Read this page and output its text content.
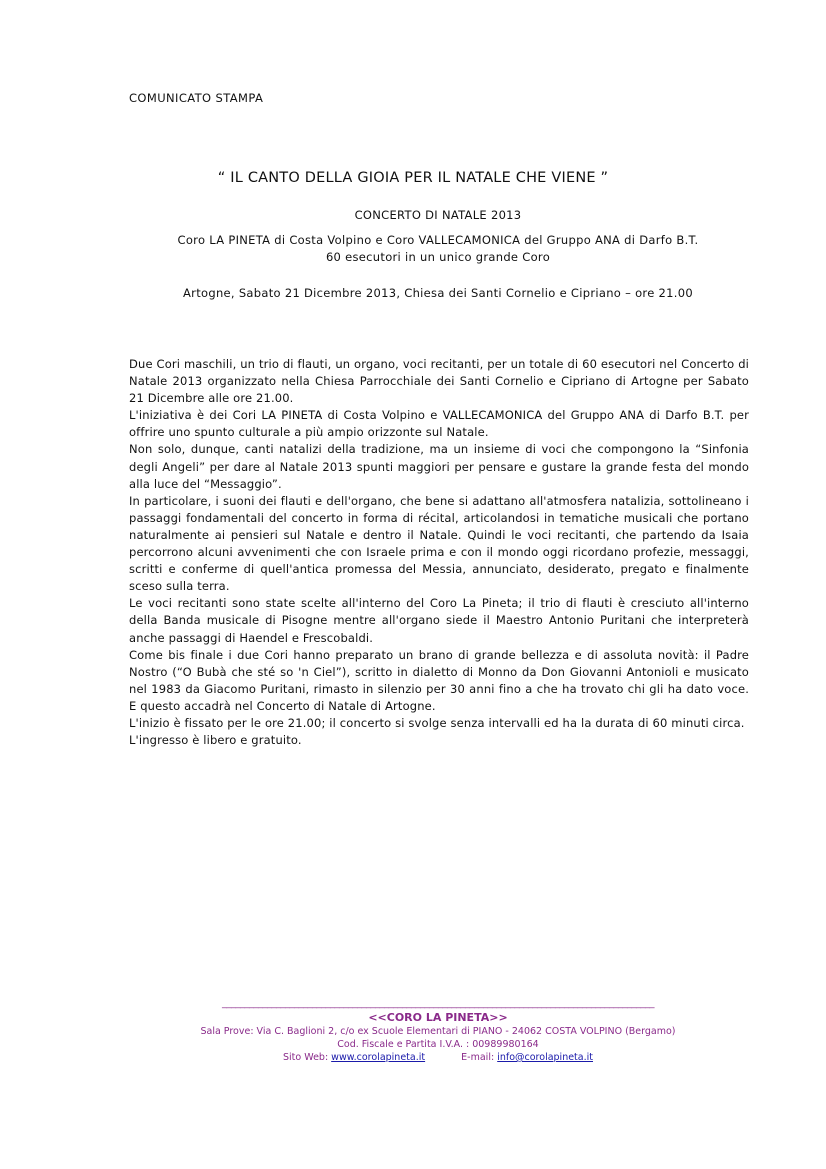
COMUNICATO STAMPA
“ IL CANTO DELLA GIOIA PER IL NATALE CHE VIENE ”
CONCERTO DI NATALE 2013
Coro LA PINETA di Costa Volpino e Coro VALLECAMONICA del Gruppo ANA di Darfo B.T.
60 esecutori in un unico grande Coro
Artogne, Sabato 21 Dicembre 2013, Chiesa dei Santi Cornelio e Cipriano – ore 21.00

Due Cori maschili, un trio di flauti, un organo, voci recitanti, per un totale di 60 esecutori nel Concerto di Natale 2013 organizzato nella Chiesa Parrocchiale dei Santi Cornelio e Cipriano di Artogne per Sabato 21 Dicembre alle ore 21.00.

L'iniziativa è dei Cori LA PINETA di Costa Volpino e VALLECAMONICA del Gruppo ANA di Darfo B.T. per offrire uno spunto culturale a più ampio orizzonte sul Natale.

Non solo, dunque, canti natalizi della tradizione, ma un insieme di voci che compongono la “Sinfonia degli Angeli” per dare al Natale 2013 spunti maggiori per pensare e gustare la grande festa del mondo alla luce del “Messaggio”.

In particolare, i suoni dei flauti e dell'organo, che bene si adattano all'atmosfera natalizia, sottolineano i passaggi fondamentali del concerto in forma di récital, articolandosi in tematiche musicali che portano naturalmente ai pensieri sul Natale e dentro il Natale. Quindi le voci recitanti, che partendo da Isaia percorrono alcuni avvenimenti che con Israele prima e con il mondo oggi ricordano profezie, messaggi, scritti e conferme di quell'antica promessa del Messia, annunciato, desiderato, pregato e finalmente sceso sulla terra.

Le voci recitanti sono state scelte all'interno del Coro La Pineta; il trio di flauti è cresciuto all'interno della Banda musicale di Pisogne mentre all'organo siede il Maestro Antonio Puritani che interpreterà anche passaggi di Haendel e Frescobaldi.

Come bis finale i due Cori hanno preparato un brano di grande bellezza e di assoluta novità: il Padre Nostro (“O Bubà che sté so 'n Ciel”), scritto in dialetto di Monno da Don Giovanni Antonioli e musicato nel 1983 da Giacomo Puritani, rimasto in silenzio per 30 anni fino a che ha trovato chi gli ha dato voce. E questo accadrà nel Concerto di Natale di Artogne.

L'inizio è fissato per le ore 21.00; il concerto si svolge senza intervalli ed ha la durata di 60 minuti circa.

L'ingresso è libero e gratuito.

________________________________________________________________________________________________
<<CORO LA PINETA>>
Sala Prove: Via C. Baglioni 2, c/o ex Scuole Elementari di PIANO - 24062 COSTA VOLPINO (Bergamo)
Cod. Fiscale e Partita I.V.A. : 00989980164
Sito Web: www.corolapineta.it	E-mail: info@corolapineta.it
